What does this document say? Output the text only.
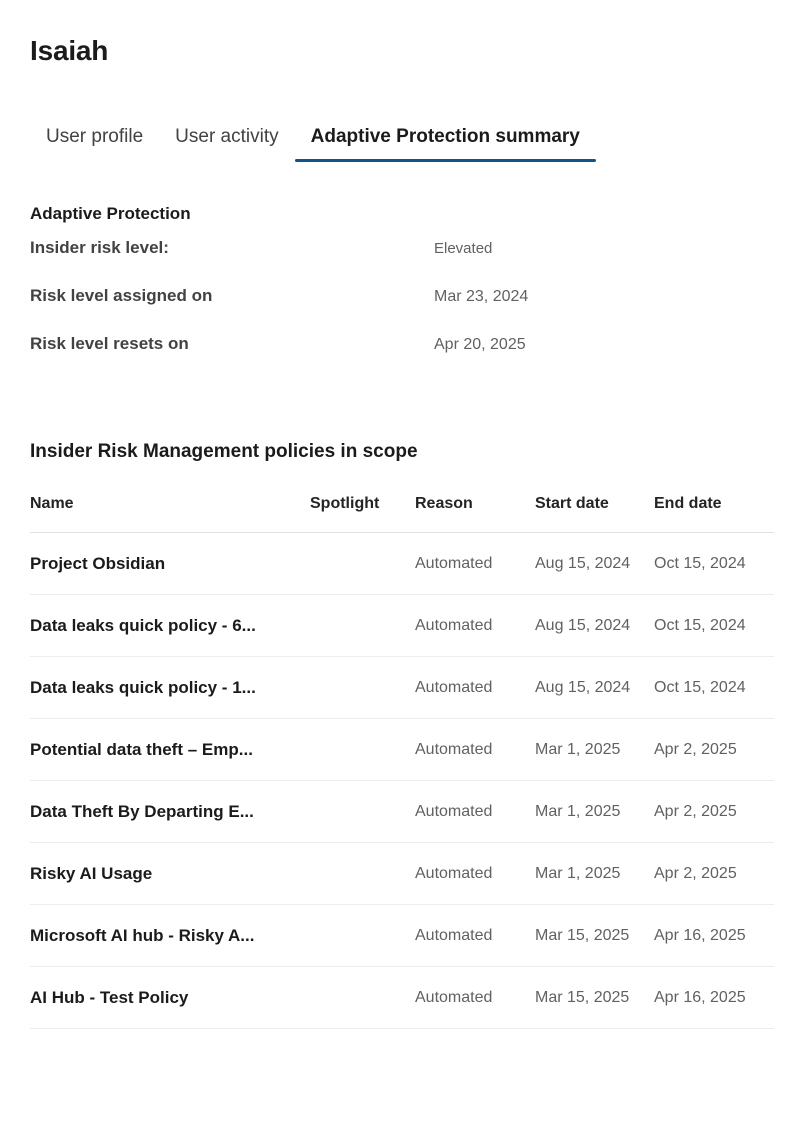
Isaiah
User profile	User activity	Adaptive Protection summary
Adaptive Protection
Insider risk level:	Elevated
Risk level assigned on	Mar 23, 2024
Risk level resets on	Apr 20, 2025
Insider Risk Management policies in scope
Name	Spotlight	Reason	Start date	End date
Project Obsidian		Automated	Aug 15, 2024	Oct 15, 2024
Data leaks quick policy - 6...		Automated	Aug 15, 2024	Oct 15, 2024
Data leaks quick policy - 1...		Automated	Aug 15, 2024	Oct 15, 2024
Potential data theft – Emp...		Automated	Mar 1, 2025	Apr 2, 2025
Data Theft By Departing E...		Automated	Mar 1, 2025	Apr 2, 2025
Risky AI Usage		Automated	Mar 1, 2025	Apr 2, 2025
Microsoft AI hub - Risky A...		Automated	Mar 15, 2025	Apr 16, 2025
AI Hub - Test Policy		Automated	Mar 15, 2025	Apr 16, 2025
